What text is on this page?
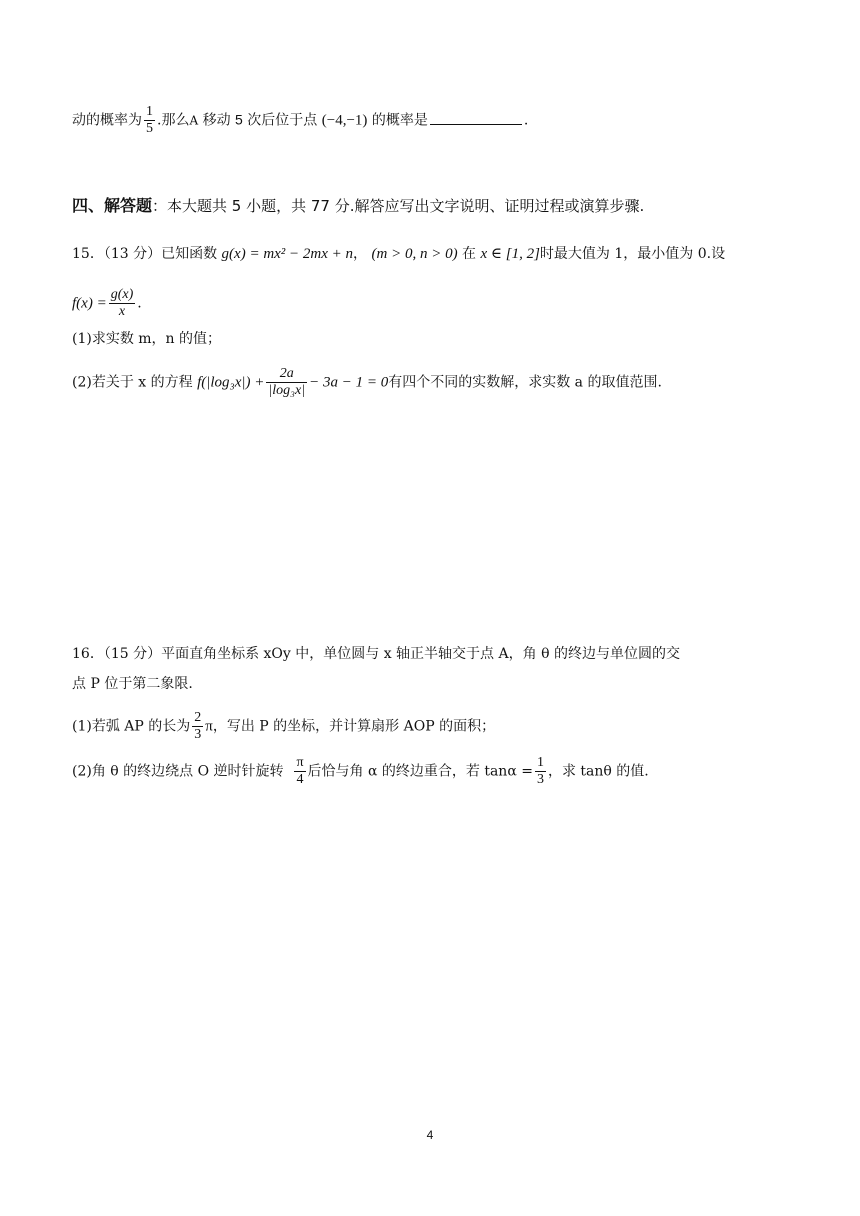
动的概率为 $\frac{1}{5}$ .那么A 移动 5 次后位于点 (−4,−1) 的概率是	.
四、解答题：本大题共 5 小题，共 77 分.解答应写出文字说明、证明过程或演算步骤.
15．（13 分）已知函数 g(x) = mx² − 2mx + n， (m > 0, n > 0) 在 x ∈ [1, 2]时最大值为 1，最小值为 0.设
$f(x) = \frac{g(x)}{x}$ .
(1)求实数 m，n 的值；
(2)若关于 x 的方程 $f(|\log_3x|) + \frac{2a}{\text{|log₃x|}} - 3a - 1 = 0$有四个不同的实数解，求实数 a 的取值范围.
16．（15 分）平面直角坐标系 xOy 中，单位圆与 x 轴正半轴交于点 A，角 θ 的终边与单位圆的交
点 P 位于第二象限.
(1)若弧 AP 的长为 $\frac{2}{3}$ π，写出 P 的坐标，并计算扇形 AOP 的面积；
(2)角 θ 的终边绕点 O 逆时针旋转 $\frac{\pi}{4}$ 后恰与角 α 的终边重合，若 $\tan\alpha = \frac{1}{3}$ ，求 tanθ 的值.
4
